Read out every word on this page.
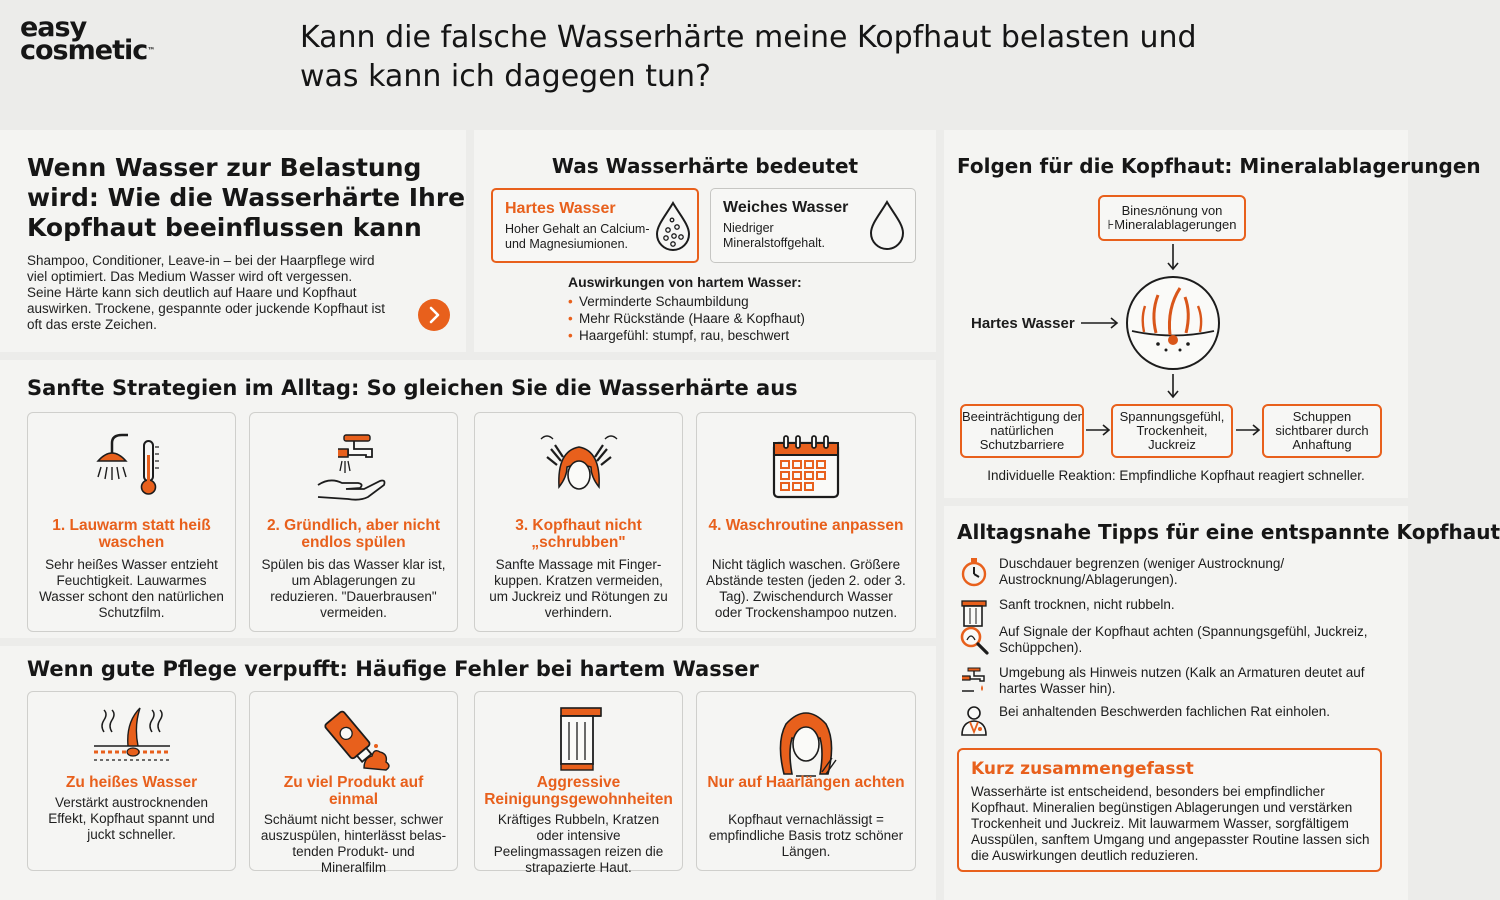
easy
cosmetic™	Kann die falsche Wasserhärte meine Kopfhaut belasten und was kann ich dagegen tun?
Wenn Wasser zur Belastung wird: Wie die Wasserhärte Ihre Kopfhaut beeinflussen kann
Shampoo, Conditioner, Leave-in – bei der Haarpflege wird viel optimiert. Das Medium Wasser wird oft vergessen. Seine Härte kann sich deutlich auf Haare und Kopfhaut auswirken. Trockene, gespannte oder juckende Kopfhaut ist oft das erste Zeichen.
Was Wasserhärte bedeutet
Hartes Wasser
Hoher Gehalt an Calcium- und Magnesiumionen.
Weiches Wasser
Niedriger Mineralstoffgehalt.
Auswirkungen von hartem Wasser:
• Verminderte Schaumbildung
• Mehr Rückstände (Haare & Kopfhaut)
• Haargefühl: stumpf, rau, beschwert
Folgen für die Kopfhaut: Mineralablagerungen
Binesлönung von
⊦Mineralablagerungen
Hartes Wasser
Beeinträchtigung der natürlichen Schutzbarriere
Spannungsgefühl, Trockenheit, Juckreiz
Schuppen sichtbarer durch Anhaftung
Individuelle Reaktion: Empfindliche Kopfhaut reagiert schneller.
Sanfte Strategien im Alltag: So gleichen Sie die Wasserhärte aus
1. Lauwarm statt heiß waschen
Sehr heißes Wasser entzieht Feuchtigkeit. Lauwarmes Wasser schont den natürlichen Schutzfilm.
2. Gründlich, aber nicht endlos spülen
Spülen bis das Wasser klar ist, um Ablagerungen zu reduzieren. "Dauerbrausen" vermeiden.
3. Kopfhaut nicht „schrubben"
Sanfte Massage mit Finger-kuppen. Kratzen vermeiden, um Juckreiz und Rötungen zu verhindern.
4. Waschroutine anpassen
Nicht täglich waschen. Größere Abstände testen (jeden 2. oder 3. Tag). Zwischendurch Wasser oder Trockenshampoo nutzen.
Wenn gute Pflege verpufft: Häufige Fehler bei hartem Wasser
Zu heißes Wasser
Verstärkt austrocknenden Effekt, Kopfhaut spannt und juckt schneller.
Zu viel Produkt auf einmal
Schäumt nicht besser, schwer auszuspülen, hinterlässt belas-tenden Produkt- und Mineralfilm
Aggressive Reinigungsgewohnheiten
Kräftiges Rubbeln, Kratzen oder intensive Peelingmassagen reizen die strapazierte Haut.
Nur auf Haarlängen achten
Kopfhaut vernachlässigt = empfindliche Basis trotz schöner Längen.
Alltagsnahe Tipps für eine entspannte Kopfhaut
Duschdauer begrenzen (weniger Austrocknung/ Austrocknung/Ablagerungen).
Sanft trocknen, nicht rubbeln.
Auf Signale der Kopfhaut achten (Spannungsgefühl, Juckreiz, Schüppchen).
Umgebung als Hinweis nutzen (Kalk an Armaturen deutet auf hartes Wasser hin).
Bei anhaltenden Beschwerden fachlichen Rat einholen.
Kurz zusammengefasst
Wasserhärte ist entscheidend, besonders bei empfindlicher Kopfhaut. Mineralien begünstigen Ablagerungen und verstärken Trockenheit und Juckreiz. Mit lauwarmem Wasser, sorgfältigem Ausspülen, sanftem Umgang und angepasster Routine lassen sich die Auswirkungen deutlich reduzieren.
